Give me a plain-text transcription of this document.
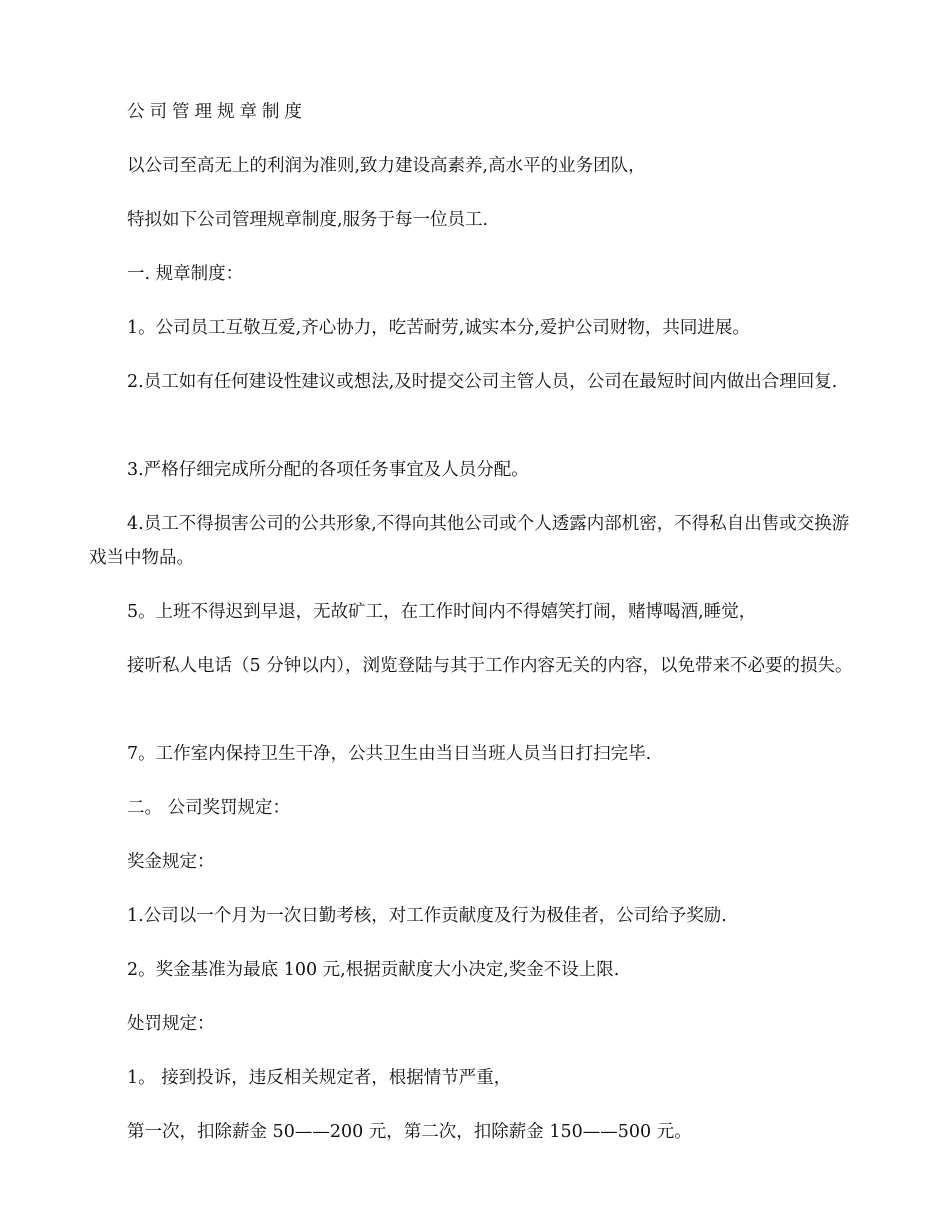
公司管理规章制度

以公司至高无上的利润为准则,致力建设高素养,高水平的业务团队，

特拟如下公司管理规章制度,服务于每一位员工.

一. 规章制度：

1。公司员工互敬互爱,齐心协力，吃苦耐劳,诚实本分,爱护公司财物，共同进展。

2.员工如有任何建设性建议或想法,及时提交公司主管人员，公司在最短时间内做出合理回复.

3.严格仔细完成所分配的各项任务事宜及人员分配。

4.员工不得损害公司的公共形象,不得向其他公司或个人透露内部机密，不得私自出售或交换游戏当中物品。

5。上班不得迟到早退，无故矿工，在工作时间内不得嬉笑打闹，赌博喝酒,睡觉，

接听私人电话（5 分钟以内），浏览登陆与其于工作内容无关的内容，以免带来不必要的损失。

7。工作室内保持卫生干净，公共卫生由当日当班人员当日打扫完毕.

二。 公司奖罚规定：

奖金规定：

1.公司以一个月为一次日勤考核，对工作贡献度及行为极佳者，公司给予奖励.

2。奖金基准为最底 100 元,根据贡献度大小决定,奖金不设上限.

处罚规定：

1。 接到投诉，违反相关规定者，根据情节严重，

第一次，扣除薪金 50——200 元，第二次，扣除薪金 150——500 元。
